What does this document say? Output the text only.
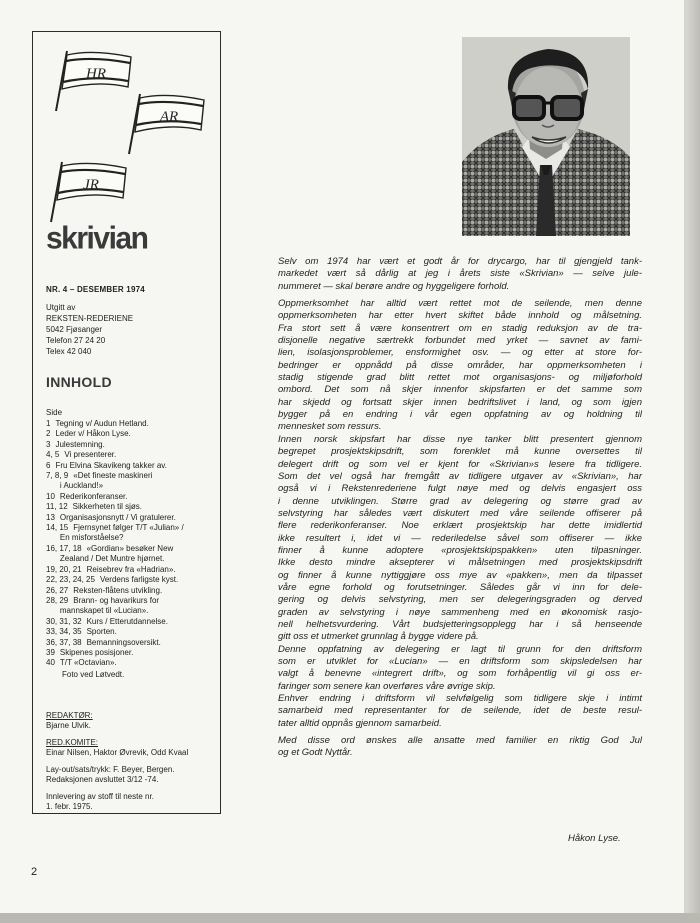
HR
AR
JR
skrivian
NR. 4 – DESEMBER 1974
Utgitt av
REKSTEN-REDERIENE
5042 Fjøsanger
Telefon 27 24 20
Telex 42 040
INNHOLD
Side
1 Tegning v/ Audun Hetland.
2 Leder v/ Håkon Lyse.
3 Julestemning.
4, 5 Vi presenterer.
6 Fru Elvina Skavikeng takker av.
7, 8, 9 «Det fineste maskineri
i Auckland!»
10 Rederikonferanser.
11, 12 Sikkerheten til sjøs.
13 Organisasjonsnytt / Vi gratulerer.
14, 15 Fjernsynet følger T/T «Julian» /
En misforståelse?
16, 17, 18 «Gordian» besøker New
Zealand / Det Muntre hjørnet.
19, 20, 21 Reisebrev fra «Hadrian».
22, 23, 24, 25 Verdens farligste kyst.
26, 27 Reksten-flåtens utvikling.
28, 29 Brann- og havarikurs for
mannskapet til «Lucian».
30, 31, 32 Kurs / Etterutdannelse.
33, 34, 35 Sporten.
36, 37, 38 Bemanningsoversikt.
39 Skipenes posisjoner.
40 T/T «Octavian».
Foto ved Løtvedt.
REDAKTØR:
Bjarne Ulvik.
RED.KOMITE:
Einar Nilsen, Haktor Øvrevik, Odd Kvaal
Lay-out/sats/trykk: F. Beyer, Bergen.
Redaksjonen avsluttet 3/12 -74.
Innlevering av stoff til neste nr.
1. febr. 1975.

Selv om 1974 har vært et godt år for drycargo, har til gjengjeld tank-
markedet vært så dårlig at jeg i årets siste «Skrivian» — selve jule-
nummeret — skal berøre andre og hyggeligere forhold.

Oppmerksomhet har alltid vært rettet mot de seilende, men denne
oppmerksomheten har etter hvert skiftet både innhold og målsetning.
Fra stort sett å være konsentrert om en stadig reduksjon av de tra-
disjonelle negative særtrekk forbundet med yrket — savnet av fami-
lien, isolasjonsproblemer, ensformighet osv. — og etter at store for-
bedringer er oppnådd på disse områder, har oppmerksomheten i
stadig stigende grad blitt rettet mot organisasjons- og miljøforhold
ombord. Det som nå skjer innenfor skipsfarten er det samme som
har skjedd og fortsatt skjer innen bedriftslivet i land, og som igjen
bygger på en endring i vår egen oppfatning av og holdning til
mennesket som ressurs.

Innen norsk skipsfart har disse nye tanker blitt presentert gjennom
begrepet prosjektskipsdrift, som forenklet må kunne oversettes til
delegert drift og som vel er kjent for «Skrivian»s lesere fra tidligere.
Som det vel også har fremgått av tidligere utgaver av «Skrivian», har
også vi i Rekstenrederiene fulgt nøye med og delvis engasjert oss
i denne utviklingen. Større grad av delegering og større grad av
selvstyring har således vært diskutert med våre seilende offiserer på
flere rederikonferanser. Noe erklært prosjektskip har dette imidlertid
ikke resultert i, idet vi — rederiledelse såvel som offiserer — ikke
finner å kunne adoptere «prosjektskipspakken» uten tilpasninger.
Ikke desto mindre aksepterer vi målsetningen med prosjektskipsdrift
og finner å kunne nyttiggjøre oss mye av «pakken», men da tilpasset
våre egne forhold og forutsetninger. Således går vi inn for dele-
gering og delvis selvstyring, men ser delegeringsgraden og derved
graden av selvstyring i nøye sammenheng med en økonomisk rasjo-
nell helhetsvurdering. Vårt budsjetteringsopplegg har i så henseende
gitt oss et utmerket grunnlag å bygge videre på.

Denne oppfatning av delegering er lagt til grunn for den driftsform
som er utviklet for «Lucian» — en driftsform som skipsledelsen har
valgt å benevne «integrert drift», og som forhåpentlig vil gi oss er-
faringer som senere kan overføres våre øvrige skip.

Enhver endring i driftsform vil selvfølgelig som tidligere skje i intimt
samarbeid med representanter for de seilende, idet de beste resul-
tater alltid oppnås gjennom samarbeid.

Med disse ord ønskes alle ansatte med familier en riktig God Jul
og et Godt Nyttår.

Håkon Lyse.
2
